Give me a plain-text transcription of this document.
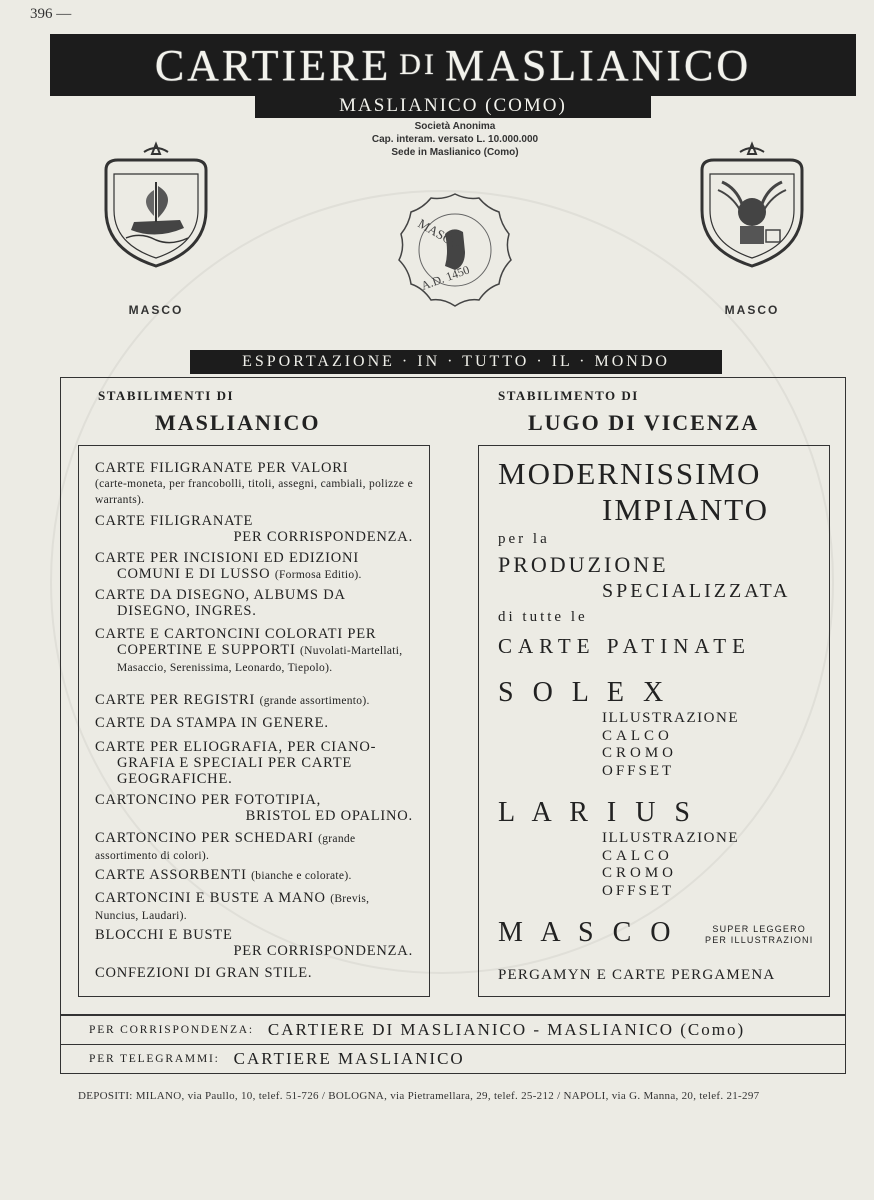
396 —
CARTIERE DI MASLIANICO
MASLIANICO (COMO)
Società Anonima
Cap. interam. versato L. 10.000.000
Sede in Maslianico (Como)
MASCO
MASCO
A.D. 1450
MASCO
ESPORTAZIONE · IN · TUTTO · IL · MONDO
STABILIMENTI DI
MASLIANICO
STABILIMENTO DI
LUGO DI VICENZA
CARTE FILIGRANATE PER VALORI
(carte-moneta, per francobolli, titoli, assegni, cambiali, polizze e warrants).
CARTE FILIGRANATE
PER CORRISPONDENZA.
CARTE PER INCISIONI ED EDIZIONI
COMUNI E DI LUSSO (Formosa Editio).
CARTE DA DISEGNO, ALBUMS DA
DISEGNO, INGRES.
CARTE E CARTONCINI COLORATI PER
COPERTINE E SUPPORTI (Nuvolati-Martellati, Masaccio, Serenissima, Leonardo, Tiepolo).
CARTE PER REGISTRI (grande assortimento).
CARTE DA STAMPA IN GENERE.
CARTE PER ELIOGRAFIA, PER CIANO-
GRAFIA E SPECIALI PER CARTE GEOGRAFICHE.
CARTONCINO PER FOTOTIPIA,
BRISTOL ED OPALINO.
CARTONCINO PER SCHEDARI (grande assortimento di colori).
CARTE ASSORBENTI (bianche e colorate).
CARTONCINI E BUSTE A MANO (Brevis, Nuncius, Laudari).
BLOCCHI E BUSTE
PER CORRISPONDENZA.
CONFEZIONI DI GRAN STILE.
MODERNISSIMO
IMPIANTO
per la
PRODUZIONE
SPECIALIZZATA
di tutte le
CARTE PATINATE
S O L E X
ILLUSTRAZIONE
CALCO
CROMO
OFFSET
L A R I U S
ILLUSTRAZIONE
CALCO
CROMO
OFFSET
M A S C O	SUPER LEGGERO
PER ILLUSTRAZIONI
PERGAMYN E CARTE PERGAMENA
PER CORRISPONDENZA: CARTIERE DI MASLIANICO - MASLIANICO (Como)
PER TELEGRAMMI: CARTIERE MASLIANICO
DEPOSITI: MILANO, via Paullo, 10, telef. 51-726 / BOLOGNA, via Pietramellara, 29, telef. 25-212 / NAPOLI, via G. Manna, 20, telef. 21-297
